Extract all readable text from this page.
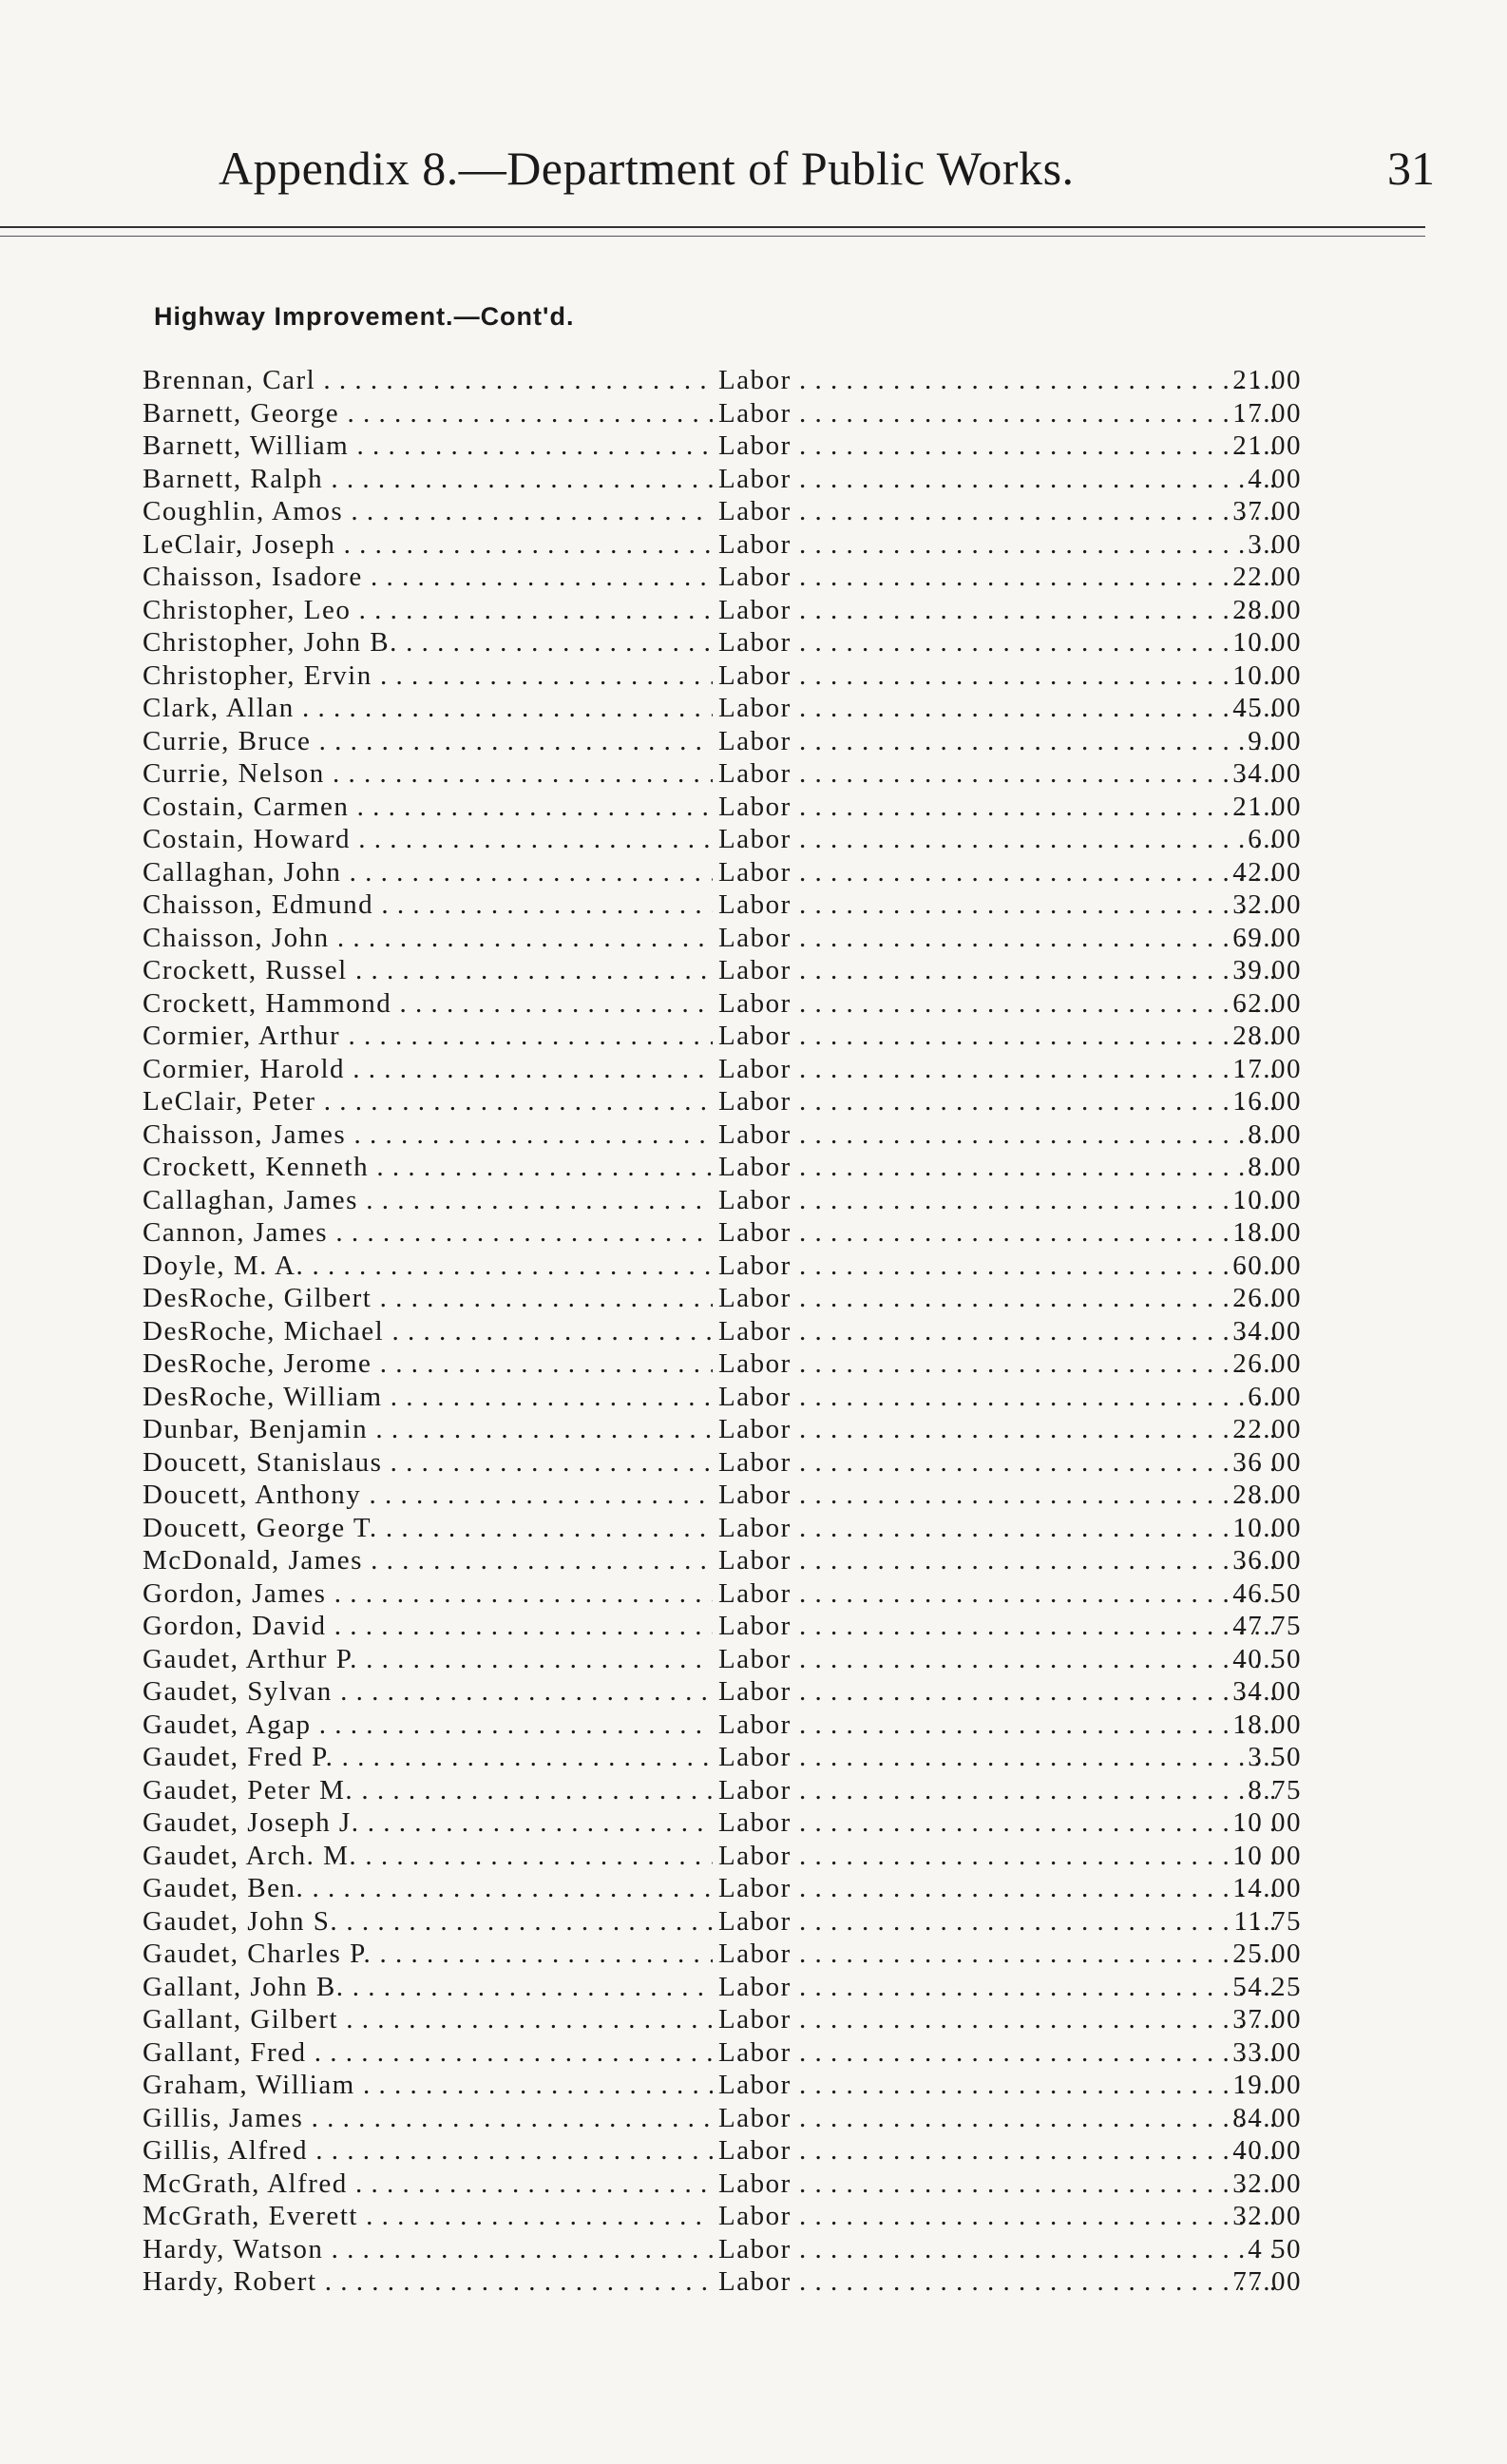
Appendix 8.—Department of Public Works.	31
Highway Improvement.—Cont'd.
Brennan, Carl . . .	Labor . . .	21.00
Barnett, George . . .	Labor . . .	17.00
Barnett, William . . .	Labor . . .	21.00
Barnett, Ralph . . .	Labor . . .	4.00
Coughlin, Amos . . .	Labor . . .	37.00
LeClair, Joseph . . .	Labor . . .	3.00
Chaisson, Isadore . . .	Labor . . .	22.00
Christopher, Leo . . .	Labor . . .	28.00
Christopher, John B. . . .	Labor . . .	10.00
Christopher, Ervin . . .	Labor . . .	10.00
Clark, Allan . . .	Labor . . .	45.00
Currie, Bruce . . .	Labor . . .	9.00
Currie, Nelson . . .	Labor . . .	34.00
Costain, Carmen . . .	Labor . . .	21.00
Costain, Howard . . .	Labor . . .	6.00
Callaghan, John . . .	Labor . . .	42.00
Chaisson, Edmund . . .	Labor . . .	32.00
Chaisson, John . . .	Labor . . .	69.00
Crockett, Russel . . .	Labor . . .	39.00
Crockett, Hammond . . .	Labor . . .	62.00
Cormier, Arthur . . .	Labor . . .	28.00
Cormier, Harold . . .	Labor . . .	17.00
LeClair, Peter . . .	Labor . . .	16.00
Chaisson, James . . .	Labor . . .	8.00
Crockett, Kenneth . . .	Labor . . .	8.00
Callaghan, James . . .	Labor . . .	10.00
Cannon, James . . .	Labor . . .	18.00
Doyle, M. A. . . .	Labor . . .	60.00
DesRoche, Gilbert . . .	Labor . . .	26.00
DesRoche, Michael . . .	Labor . . .	34.00
DesRoche, Jerome . . .	Labor . . .	26.00
DesRoche, William . . .	Labor . . .	6.00
Dunbar, Benjamin . . .	Labor . . .	22.00
Doucett, Stanislaus . . .	Labor . . .	36 00
Doucett, Anthony . . .	Labor . . .	28.00
Doucett, George T. . . .	Labor . . .	10.00
McDonald, James . . .	Labor . . .	36.00
Gordon, James . . .	Labor . . .	46.50
Gordon, David . . .	Labor . . .	47.75
Gaudet, Arthur P. . . .	Labor . . .	40.50
Gaudet, Sylvan . . .	Labor . . .	34.00
Gaudet, Agap . . .	Labor . . .	18.00
Gaudet, Fred P. . . .	Labor . . .	3.50
Gaudet, Peter M. . . .	Labor . . .	8.75
Gaudet, Joseph J. . . .	Labor . . .	10 00
Gaudet, Arch. M. . . .	Labor . . .	10 00
Gaudet, Ben. . . .	Labor . . .	14.00
Gaudet, John S. . . .	Labor . . .	11.75
Gaudet, Charles P. . . .	Labor . . .	25.00
Gallant, John B. . . .	Labor . . .	54.25
Gallant, Gilbert . . .	Labor . . .	37.00
Gallant, Fred . . .	Labor . . .	33.00
Graham, William . . .	Labor . . .	19.00
Gillis, James . . .	Labor . . .	84.00
Gillis, Alfred . . .	Labor . . .	40.00
McGrath, Alfred . . .	Labor . . .	32.00
McGrath, Everett . . .	Labor . . .	32.00
Hardy, Watson . . .	Labor . . .	4 50
Hardy, Robert . . .	Labor . . .	77.00
